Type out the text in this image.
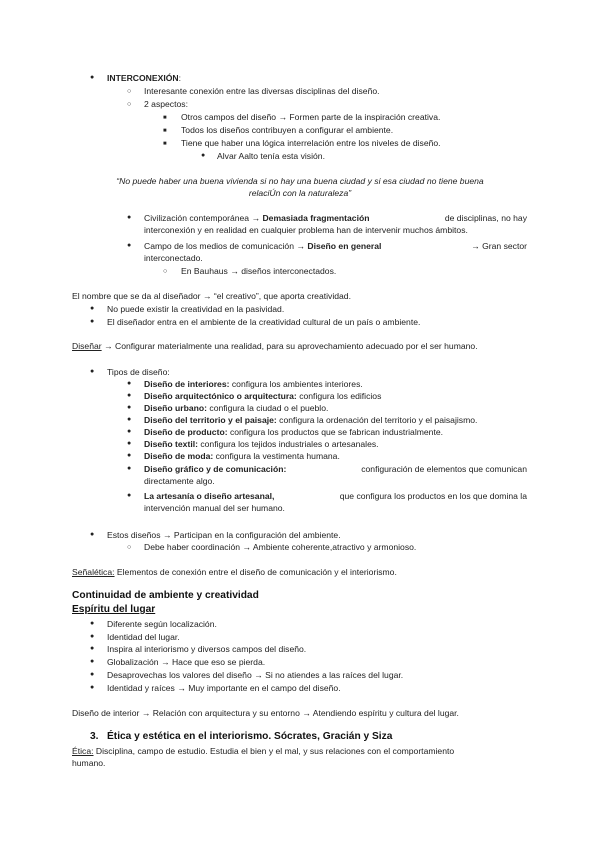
● INTERCONEXIÓN:
○ Interesante conexión entre las diversas disciplinas del diseño.
○ 2 aspectos:
■ Otros campos del diseño → Formen parte de la inspiración creativa.
■ Todos los diseños contribuyen a configurar el ambiente.
■ Tiene que haber una lógica interrelación entre los niveles de diseño.
● Alvar Aalto tenía esta visión.
“No puede haber una buena vivienda si no hay una buena ciudad y si esa ciudad no tiene buena
relaciÚn con la naturaleza”
● Civilización contemporánea → Demasiada fragmentación	de disciplinas, no hay
interconexión y en realidad en cualquier problema han de intervenir muchos ámbitos.
● Campo de los medios de comunicación → Diseño en general	→ Gran sector
interconectado.
○ En Bauhaus → diseños interconectados.
El nombre que se da al diseñador → “el creativo”, que aporta creatividad.
● No puede existir la creatividad en la pasividad.
● El diseñador entra en el ambiente de la creatividad cultural de un país o ambiente.
Diseñar → Configurar materialmente una realidad, para su aprovechamiento adecuado por el ser humano.
● Tipos de diseño:
● Diseño de interiores: configura los ambientes interiores.
● Diseño arquitectónico o arquitectura: configura los edificios
● Diseño urbano: configura la ciudad o el pueblo.
● Diseño del territorio y el paisaje: configura la ordenación del territorio y el paisajismo.
● Diseño de producto: configura los productos que se fabrican industrialmente.
● Diseño textil: configura los tejidos industriales o artesanales.
● Diseño de moda: configura la vestimenta humana.
● Diseño gráfico y de comunicación:	configuración de elementos que comunican
directamente algo.
● La artesanía o diseño artesanal,	que configura los productos en los que domina la
intervención manual del ser humano.
● Estos diseños → Participan en la configuración del ambiente.
○ Debe haber coordinación → Ambiente coherente,atractivo y armonioso.
Señalética: Elementos de conexión entre el diseño de comunicación y el interiorismo.
Continuidad de ambiente y creatividad
Espíritu del lugar
● Diferente según localización.
● Identidad del lugar.
● Inspira al interiorismo y diversos campos del diseño.
● Globalización → Hace que eso se pierda.
● Desaprovechas los valores del diseño → Si no atiendes a las raíces del lugar.
● Identidad y raíces → Muy importante en el campo del diseño.
Diseño de interior → Relación con arquitectura y su entorno → Atendiendo espíritu y cultura del lugar.
3. Ética y estética en el interiorismo. Sócrates, Gracián y Siza
Ética: Disciplina, campo de estudio. Estudia el bien y el mal, y sus relaciones con el comportamiento
humano.
